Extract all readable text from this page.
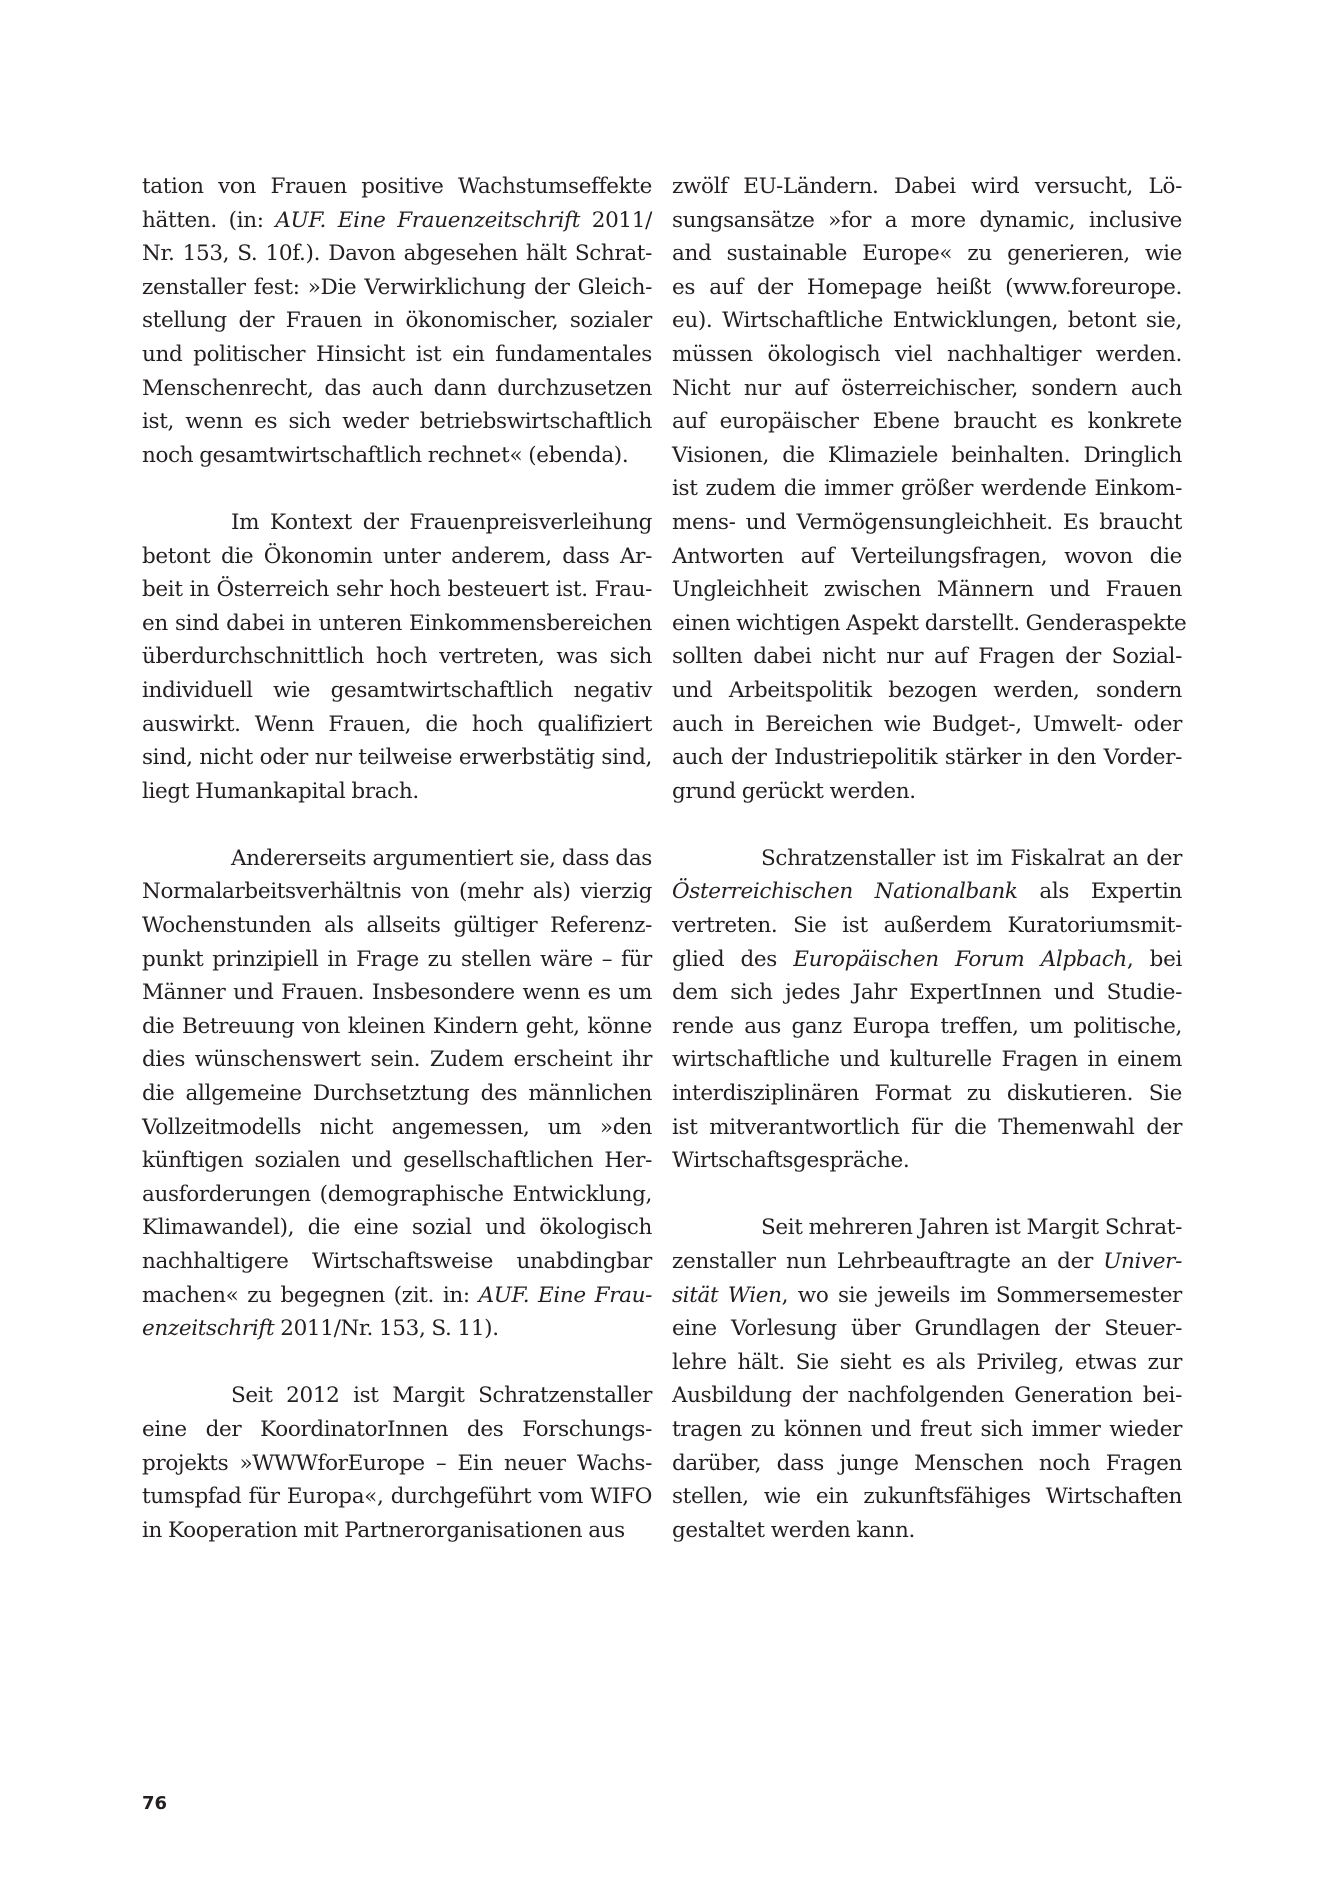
tation von Frauen positive Wachstumseffekte
hätten. (in: AUF. Eine Frauenzeitschrift 2011/
Nr. 153, S. 10f.). Davon abgesehen hält Schrat-
zenstaller fest: »Die Verwirklichung der Gleich-
stellung der Frauen in ökonomischer, sozialer
und politischer Hinsicht ist ein fundamentales
Menschenrecht, das auch dann durchzusetzen
ist, wenn es sich weder betriebswirtschaftlich
noch gesamtwirtschaftlich rechnet« (ebenda).
Im Kontext der Frauenpreisverleihung
betont die Ökonomin unter anderem, dass Ar-
beit in Österreich sehr hoch besteuert ist. Frau-
en sind dabei in unteren Einkommensbereichen
überdurchschnittlich hoch vertreten, was sich
individuell wie gesamtwirtschaftlich negativ
auswirkt. Wenn Frauen, die hoch qualifiziert
sind, nicht oder nur teilweise erwerbstätig sind,
liegt Humankapital brach.
Andererseits argumentiert sie, dass das
Normalarbeitsverhältnis von (mehr als) vierzig
Wochenstunden als allseits gültiger Referenz-
punkt prinzipiell in Frage zu stellen wäre – für
Männer und Frauen. Insbesondere wenn es um
die Betreuung von kleinen Kindern geht, könne
dies wünschenswert sein. Zudem erscheint ihr
die allgemeine Durchsetztung des männlichen
Vollzeitmodells nicht angemessen, um »den
künftigen sozialen und gesellschaftlichen Her-
ausforderungen (demographische Entwicklung,
Klimawandel), die eine sozial und ökologisch
nachhaltigere Wirtschaftsweise unabdingbar
machen« zu begegnen (zit. in: AUF. Eine Frau-
enzeitschrift 2011/Nr. 153, S. 11).
Seit 2012 ist Margit Schratzenstaller
eine der KoordinatorInnen des Forschungs-
projekts »WWWforEurope – Ein neuer Wachs-
tumspfad für Europa«, durchgeführt vom WIFO
in Kooperation mit Partnerorganisationen aus
zwölf EU-Ländern. Dabei wird versucht, Lö-
sungsansätze »for a more dynamic, inclusive
and sustainable Europe« zu generieren, wie
es auf der Homepage heißt (www.foreurope.
eu). Wirtschaftliche Entwicklungen, betont sie,
müssen ökologisch viel nachhaltiger werden.
Nicht nur auf österreichischer, sondern auch
auf europäischer Ebene braucht es konkrete
Visionen, die Klimaziele beinhalten. Dringlich
ist zudem die immer größer werdende Einkom-
mens- und Vermögensungleichheit. Es braucht
Antworten auf Verteilungsfragen, wovon die
Ungleichheit zwischen Männern und Frauen
einen wichtigen Aspekt darstellt. Genderaspekte
sollten dabei nicht nur auf Fragen der Sozial-
und Arbeitspolitik bezogen werden, sondern
auch in Bereichen wie Budget-, Umwelt- oder
auch der Industriepolitik stärker in den Vorder-
grund gerückt werden.
Schratzenstaller ist im Fiskalrat an der
Österreichischen Nationalbank als Expertin
vertreten. Sie ist außerdem Kuratoriumsmit-
glied des Europäischen Forum Alpbach, bei
dem sich jedes Jahr ExpertInnen und Studie-
rende aus ganz Europa treffen, um politische,
wirtschaftliche und kulturelle Fragen in einem
interdisziplinären Format zu diskutieren. Sie
ist mitverantwortlich für die Themenwahl der
Wirtschaftsgespräche.
Seit mehreren Jahren ist Margit Schrat-
zenstaller nun Lehrbeauftragte an der Univer-
sität Wien, wo sie jeweils im Sommersemester
eine Vorlesung über Grundlagen der Steuer-
lehre hält. Sie sieht es als Privileg, etwas zur
Ausbildung der nachfolgenden Generation bei-
tragen zu können und freut sich immer wieder
darüber, dass junge Menschen noch Fragen
stellen, wie ein zukunftsfähiges Wirtschaften
gestaltet werden kann.
76
